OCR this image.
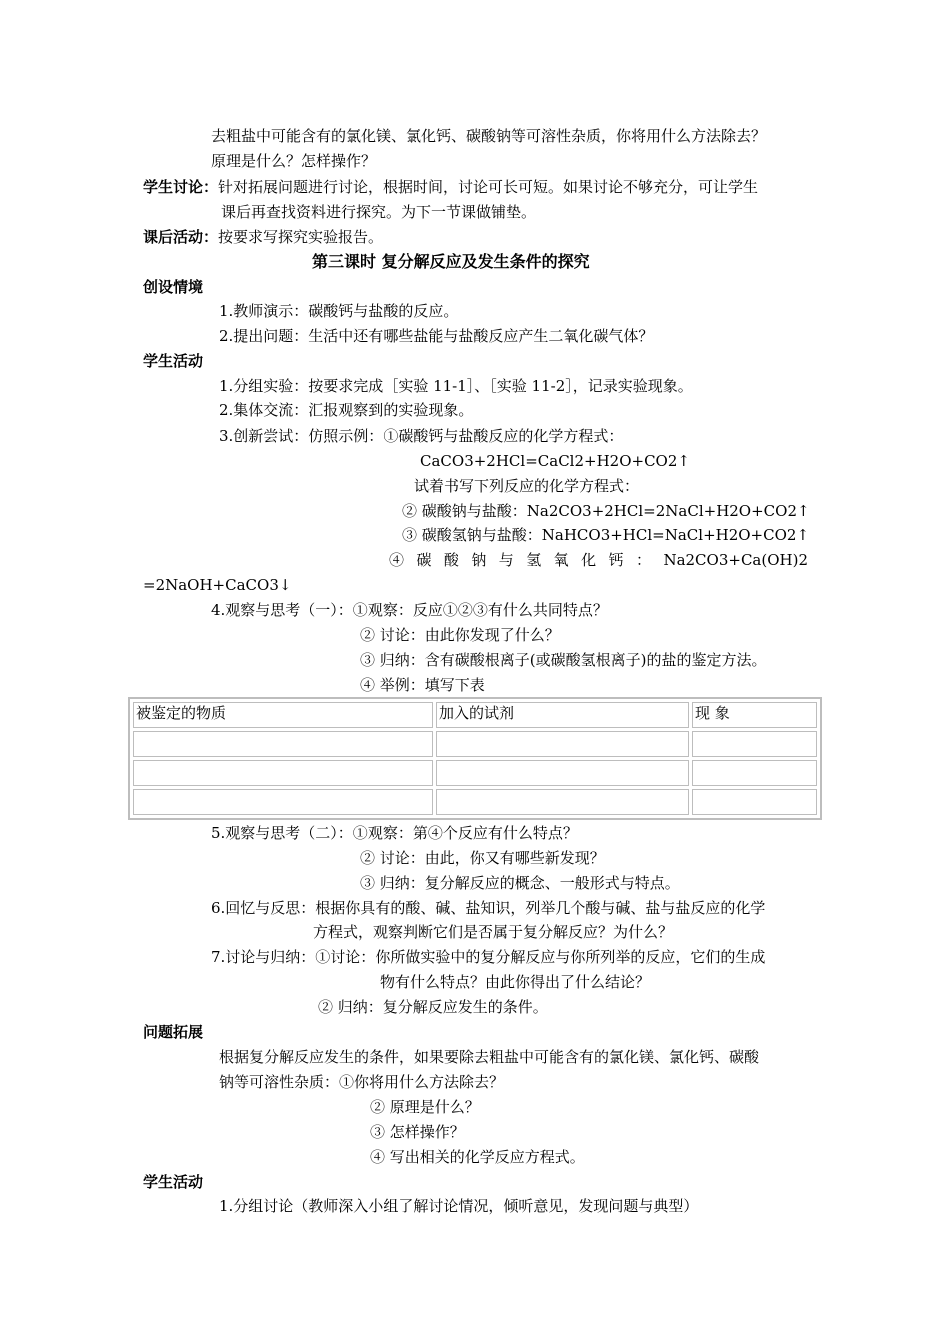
去粗盐中可能含有的氯化镁、氯化钙、碳酸钠等可溶性杂质，你将用什么方法除去？
原理是什么？怎样操作？
学生讨论：针对拓展问题进行讨论，根据时间，讨论可长可短。如果讨论不够充分，可让学生
课后再查找资料进行探究。为下一节课做铺垫。
课后活动：按要求写探究实验报告。
第三课时 复分解反应及发生条件的探究
创设情境
1.教师演示：碳酸钙与盐酸的反应。
2.提出问题：生活中还有哪些盐能与盐酸反应产生二氧化碳气体？
学生活动
1.分组实验：按要求完成［实验 11-1］、［实验 11-2］，记录实验现象。
2.集体交流：汇报观察到的实验现象。
3.创新尝试：仿照示例：①碳酸钙与盐酸反应的化学方程式：
CaCO3+2HCl=CaCl2+H2O+CO2↑
试着书写下列反应的化学方程式：
② 碳酸钠与盐酸：Na2CO3+2HCl=2NaCl+H2O+CO2↑
③ 碳酸氢钠与盐酸：NaHCO3+HCl=NaCl+H2O+CO2↑
④ 碳 酸 钠 与 氢 氧 化 钙 ： Na2CO3+Ca(OH)2
=2NaOH+CaCO3↓
4.观察与思考（一）：①观察：反应①②③有什么共同特点？
② 讨论：由此你发现了什么？
③ 归纳：含有碳酸根离子(或碳酸氢根离子)的盐的鉴定方法。
④ 举例：填写下表
被鉴定的物质	加入的试剂	现 象

5.观察与思考（二）：①观察：第④个反应有什么特点？
② 讨论：由此，你又有哪些新发现？
③ 归纳：复分解反应的概念、一般形式与特点。
6.回忆与反思：根据你具有的酸、碱、盐知识，列举几个酸与碱、盐与盐反应的化学
方程式，观察判断它们是否属于复分解反应？为什么？
7.讨论与归纳：①讨论：你所做实验中的复分解反应与你所列举的反应，它们的生成
物有什么特点？由此你得出了什么结论？
② 归纳：复分解反应发生的条件。
问题拓展
根据复分解反应发生的条件，如果要除去粗盐中可能含有的氯化镁、氯化钙、碳酸
钠等可溶性杂质：①你将用什么方法除去？
② 原理是什么？
③ 怎样操作？
④ 写出相关的化学反应方程式。
学生活动
1.分组讨论（教师深入小组了解讨论情况，倾听意见，发现问题与典型）
